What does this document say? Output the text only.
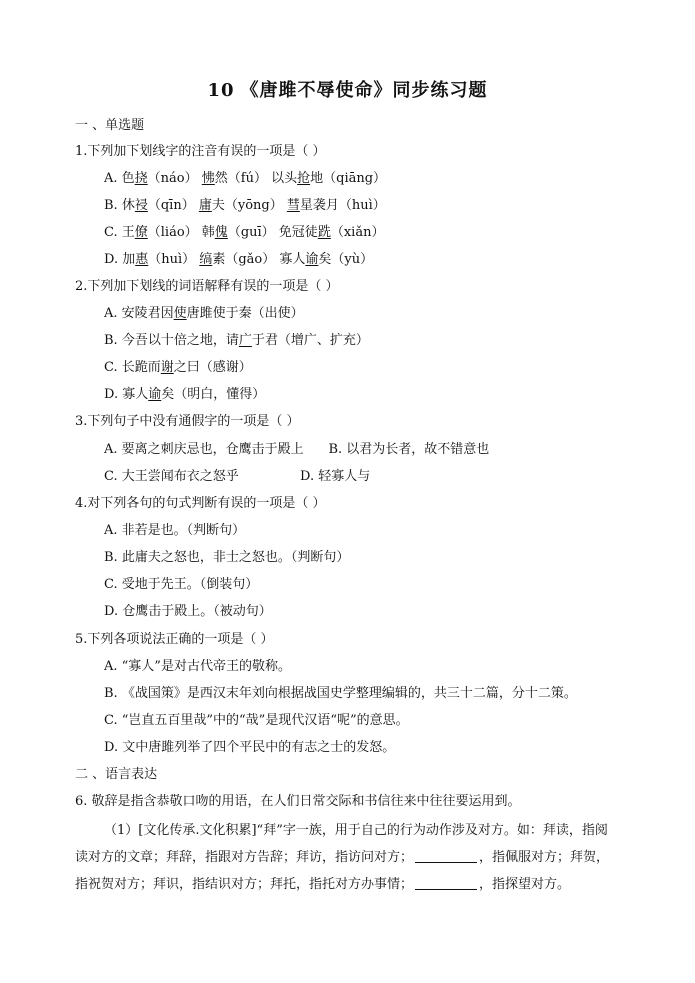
10 《唐雎不辱使命》同步练习题
一 、单选题
1.下列加下划线字的注音有误的一项是（ ）
A. 色挠（náo） 怫然（fú） 以头抢地（qiāng）
B. 休祲（qīn） 庸夫（yōng） 彗星袭月（huì）
C. 王僚（liáo） 韩傀（guī） 免冠徒跣（xiǎn）
D. 加惠（huì） 缟素（gǎo） 寡人谕矣（yù）
2.下列加下划线的词语解释有误的一项是（ ）
A. 安陵君因使唐雎使于秦（出使）
B. 今吾以十倍之地，请广于君（增广、扩充）
C. 长跪而谢之曰（感谢）
D. 寡人谕矣（明白，懂得）
3.下列句子中没有通假字的一项是（ ）
A. 要离之刺庆忌也，仓鹰击于殿上      B. 以君为长者，故不错意也
C. 大王尝闻布衣之怒乎	D. 轻寡人与
4.对下列各句的句式判断有误的一项是（ ）
A. 非若是也。（判断句）
B. 此庸夫之怒也，非士之怒也。（判断句）
C. 受地于先王。（倒装句）
D. 仓鹰击于殿上。（被动句）
5.下列各项说法正确的一项是（ ）
A. “寡人”是对古代帝王的敬称。
B. 《战国策》是西汉末年刘向根据战国史学整理编辑的，共三十二篇，分十二策。
C. “岂直五百里哉”中的“哉”是现代汉语“呢”的意思。
D. 文中唐雎列举了四个平民中的有志之士的发怒。
二 、语言表达
6. 敬辞是指含恭敬口吻的用语，在人们日常交际和书信往来中往往要运用到。
（1）[文化传承.文化积累]“拜”字一族，用于自己的行为动作涉及对方。如：拜读，指阅
读对方的文章；拜辞，指跟对方告辞；拜访，指访问对方；	，指佩服对方；拜贺，
指祝贺对方；拜识，指结识对方；拜托，指托对方办事情；	，指探望对方。
